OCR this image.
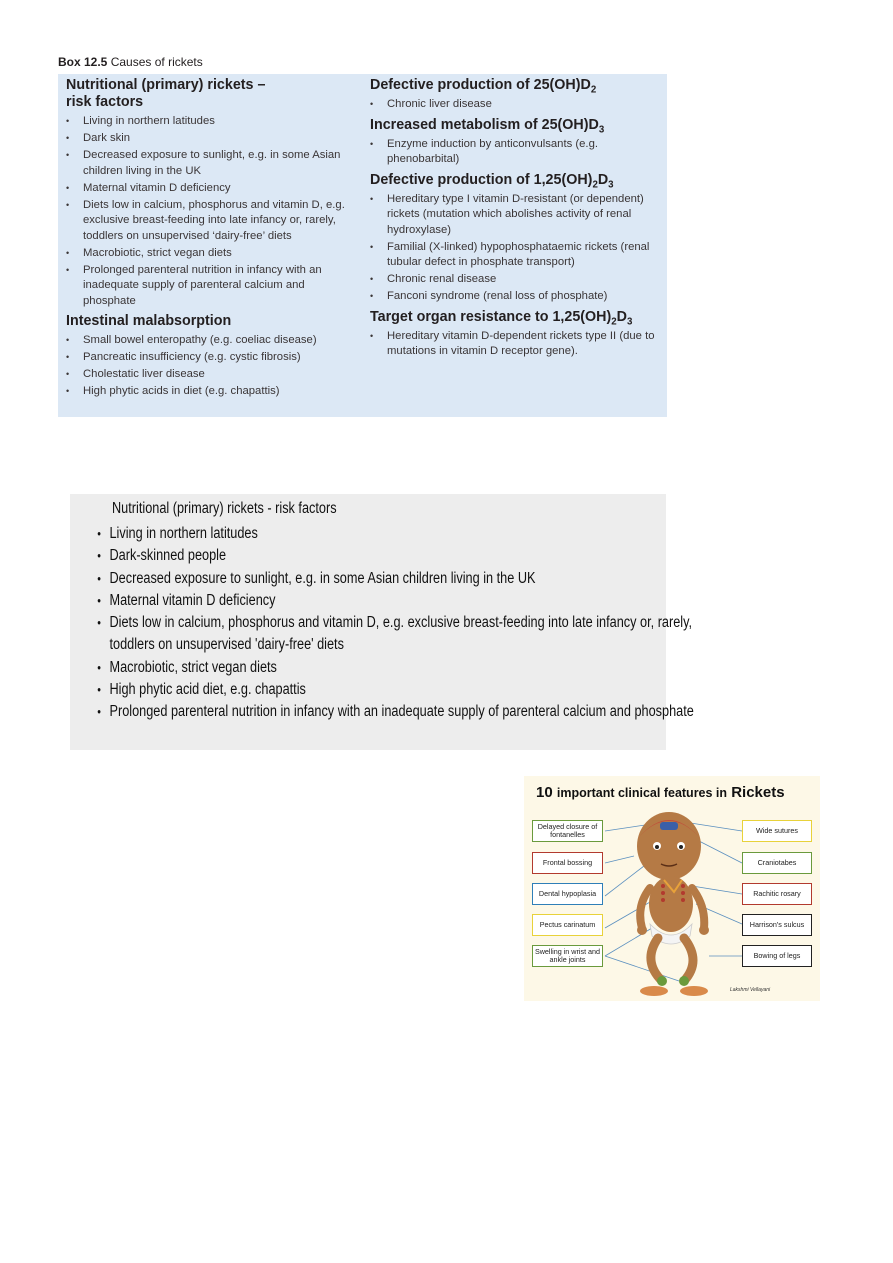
Box 12.5 Causes of rickets
Nutritional (primary) rickets –
risk factors
• Living in northern latitudes
• Dark skin
• Decreased exposure to sunlight, e.g. in some Asian children living in the UK
• Maternal vitamin D deficiency
• Diets low in calcium, phosphorus and vitamin D, e.g. exclusive breast-feeding into late infancy or, rarely, toddlers on unsupervised ‘dairy-free’ diets
• Macrobiotic, strict vegan diets
• Prolonged parenteral nutrition in infancy with an inadequate supply of parenteral calcium and phosphate
Intestinal malabsorption
• Small bowel enteropathy (e.g. coeliac disease)
• Pancreatic insufficiency (e.g. cystic fibrosis)
• Cholestatic liver disease
• High phytic acids in diet (e.g. chapattis)
Defective production of $25(OH)D_2$
• Chronic liver disease
Increased metabolism of $25(OH)D_3$
• Enzyme induction by anticonvulsants (e.g. phenobarbital)
Defective production of $1,25(OH)_2D_3$
• Hereditary type I vitamin D-resistant (or dependent) rickets (mutation which abolishes activity of renal hydroxylase)
• Familial (X-linked) hypophosphataemic rickets (renal tubular defect in phosphate transport)
• Chronic renal disease
• Fanconi syndrome (renal loss of phosphate)
Target organ resistance to $1,25(OH)_2D_3$
• Hereditary vitamin D-dependent rickets type II (due to mutations in vitamin D receptor gene).
Nutritional (primary) rickets - risk factors
● Living in northern latitudes
● Dark-skinned people
● Decreased exposure to sunlight, e.g. in some Asian children living in the UK
● Maternal vitamin D deficiency
● Diets low in calcium, phosphorus and vitamin D, e.g. exclusive breast-feeding into late infancy or, rarely,
toddlers on unsupervised 'dairy-free' diets
● Macrobiotic, strict vegan diets
● High phytic acid diet, e.g. chapattis
● Prolonged parenteral nutrition in infancy with an inadequate supply of parenteral calcium and phosphate
10 important clinical features in Rickets
Delayed closure of fontanelles
Frontal bossing
Dental hypoplasia
Pectus carinatum
Swelling in wrist and ankle joints
Wide sutures
Craniotabes
Rachitic rosary
Harrison's sulcus
Bowing of legs
Lakshmi Vellayani
